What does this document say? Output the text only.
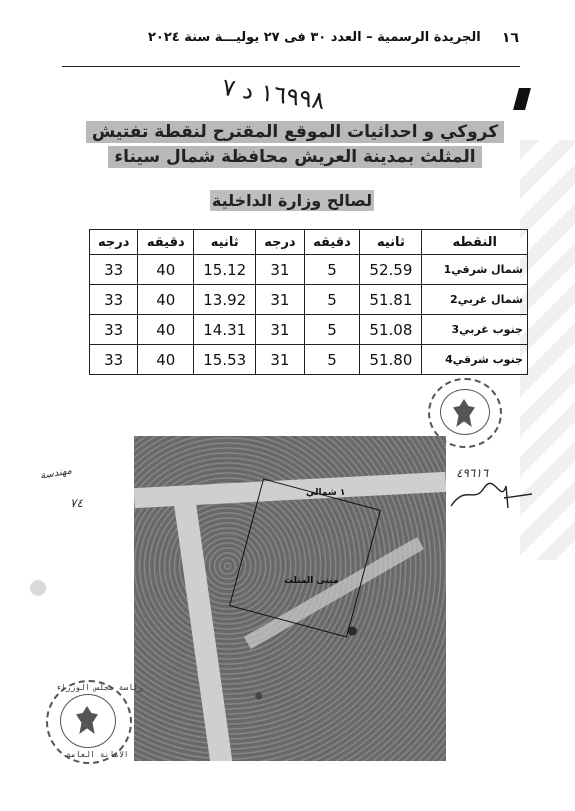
الجريدة الرسمية – العدد ٣٠ فى ٢٧ يوليـــة سنة ٢٠٢٤ ١٦
١٦٩٩٨ د ٧
كروكي و احداثيات الموقع المقترح لنقطة تفتيش
المثلث بمدينة العريش محافظة شمال سيناء
لصالح وزارة الداخلية
النقطه	ثانيه	دقيقه	درجه	ثانيه	دقيقه	درجه
شمال شرقي1	52.59	5	31	15.12	40	33
شمال غربي2	51.81	5	31	13.92	40	33
جنوب غربي3	51.08	5	31	14.31	40	33
جنوب شرقي4	51.80	5	31	15.53	40	33
٤٩٦١٦
مهندسة
٧٤
١ شمالي
مبنى المثلث
رئاسة مجلس الوزراء
الأمانة العامة
